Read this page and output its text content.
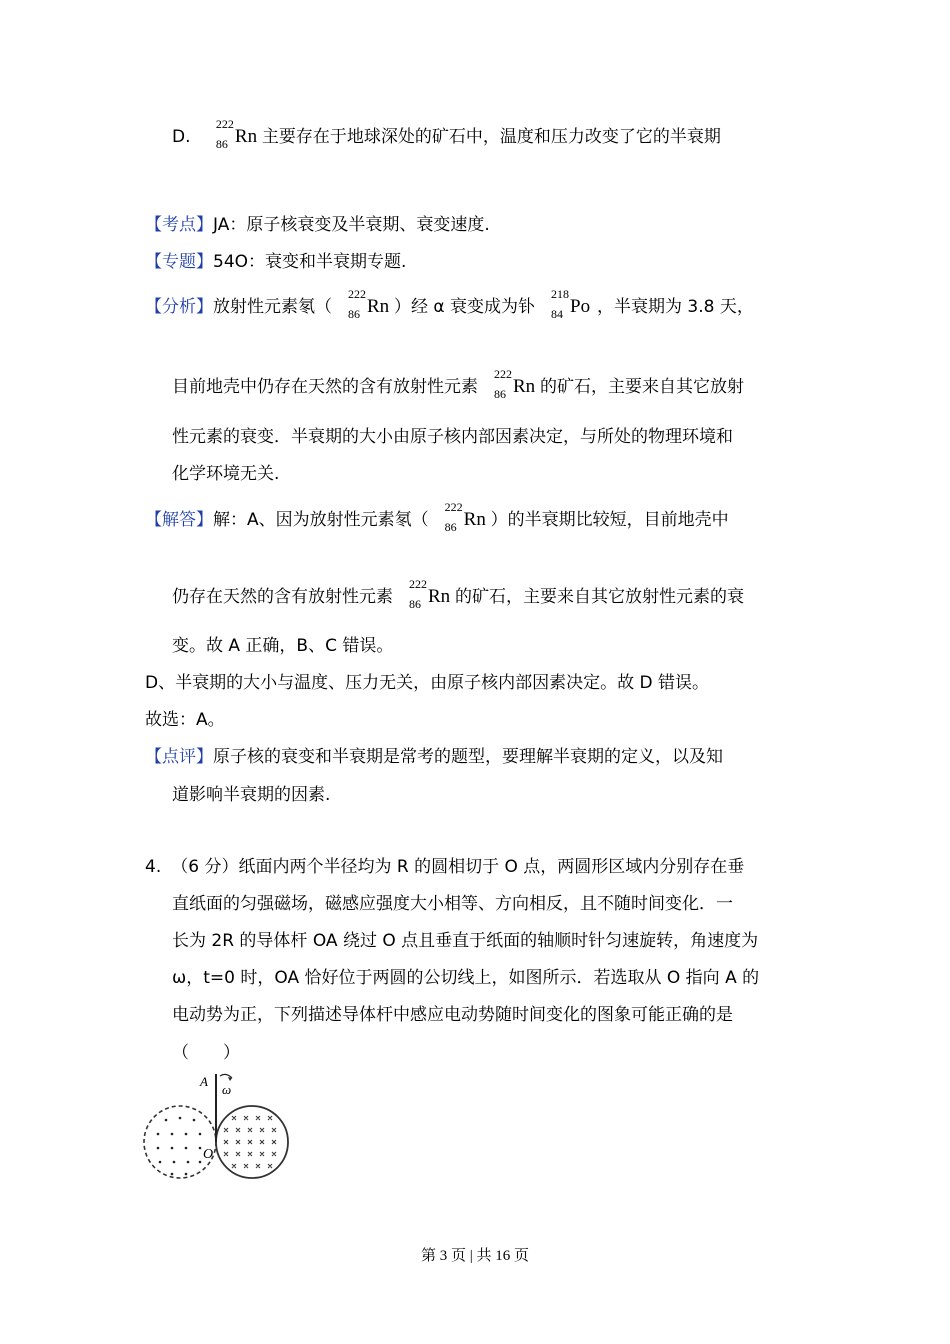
D.
222
86 Rn 主要存在于地球深处的矿石中，温度和压力改变了它的半衰期
【考点】JA：原子核衰变及半衰期、衰变速度.
【专题】54O：衰变和半衰期专题.
【分析】放射性元素氡（
222
86 Rn ）经 α 衰变成为钋
218
84 Po ，半衰期为 3.8 天，
目前地壳中仍存在天然的含有放射性元素
222
86 Rn 的矿石，主要来自其它放射
性元素的衰变．半衰期的大小由原子核内部因素决定，与所处的物理环境和
化学环境无关.
【解答】解：A、因为放射性元素氡（
222
86 Rn ）的半衰期比较短，目前地壳中
仍存在天然的含有放射性元素
222
86 Rn 的矿石，主要来自其它放射性元素的衰
变。故 A 正确，B、C 错误。
D、半衰期的大小与温度、压力无关，由原子核内部因素决定。故 D 错误。
故选：A。
【点评】原子核的衰变和半衰期是常考的题型，要理解半衰期的定义，以及知
道影响半衰期的因素.
4. （6 分）纸面内两个半径均为 R 的圆相切于 O 点，两圆形区域内分别存在垂
直纸面的匀强磁场，磁感应强度大小相等、方向相反，且不随时间变化．一
长为 2R 的导体杆 OA 绕过 O 点且垂直于纸面的轴顺时针匀速旋转，角速度为
ω，t=0 时，OA 恰好位于两圆的公切线上，如图所示．若选取从 O 指向 A 的
电动势为正，下列描述导体杆中感应电动势随时间变化的图象可能正确的是
（　　）
A
ω
O
第 3 页 | 共 16 页
